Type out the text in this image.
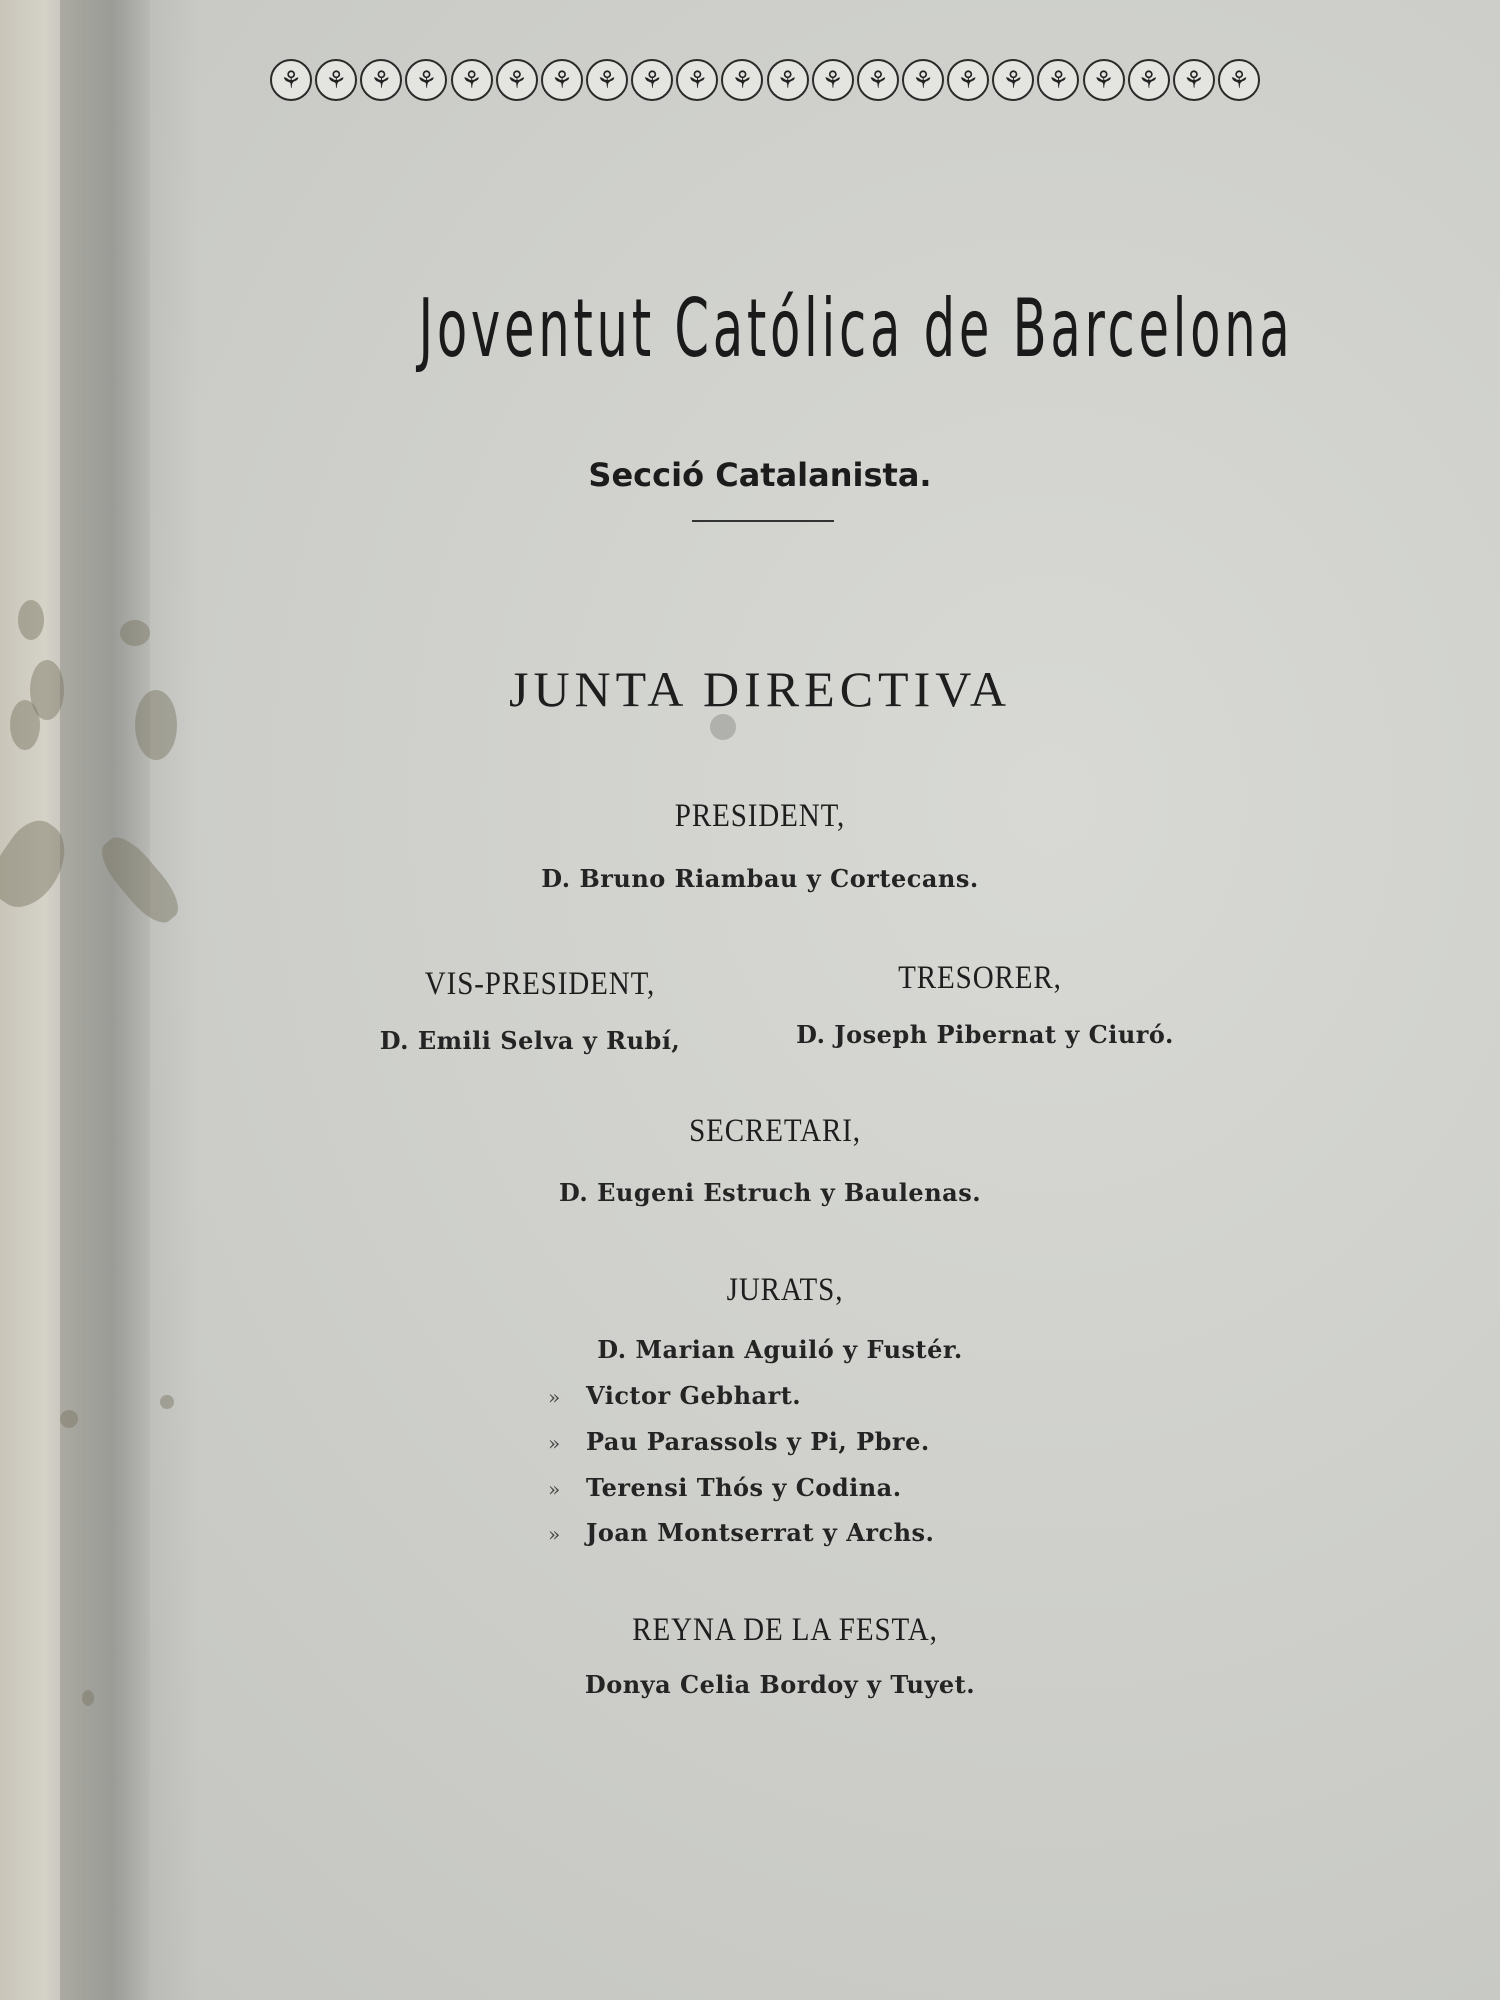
⚘ ⚘ ⚘ ⚘ ⚘ ⚘ ⚘ ⚘ ⚘ ⚘ ⚘ ⚘ ⚘ ⚘ ⚘ ⚘ ⚘ ⚘ ⚘ ⚘ ⚘ ⚘
Joventut Católica de Barcelona
Secció Catalanista.
JUNTA DIRECTIVA
PRESIDENT,
D. Bruno Riambau y Cortecans.
VIS-PRESIDENT,
D. Emili Selva y Rubí,
TRESORER,
D. Joseph Pibernat y Ciuró.
SECRETARI,
D. Eugeni Estruch y Baulenas.
JURATS,
D. Marian Aguiló y Fustér.
» Victor Gebhart.
» Pau Parassols y Pi, Pbre.
» Terensi Thós y Codina.
» Joan Montserrat y Archs.
REYNA DE LA FESTA,
Donya Celia Bordoy y Tuyet.
